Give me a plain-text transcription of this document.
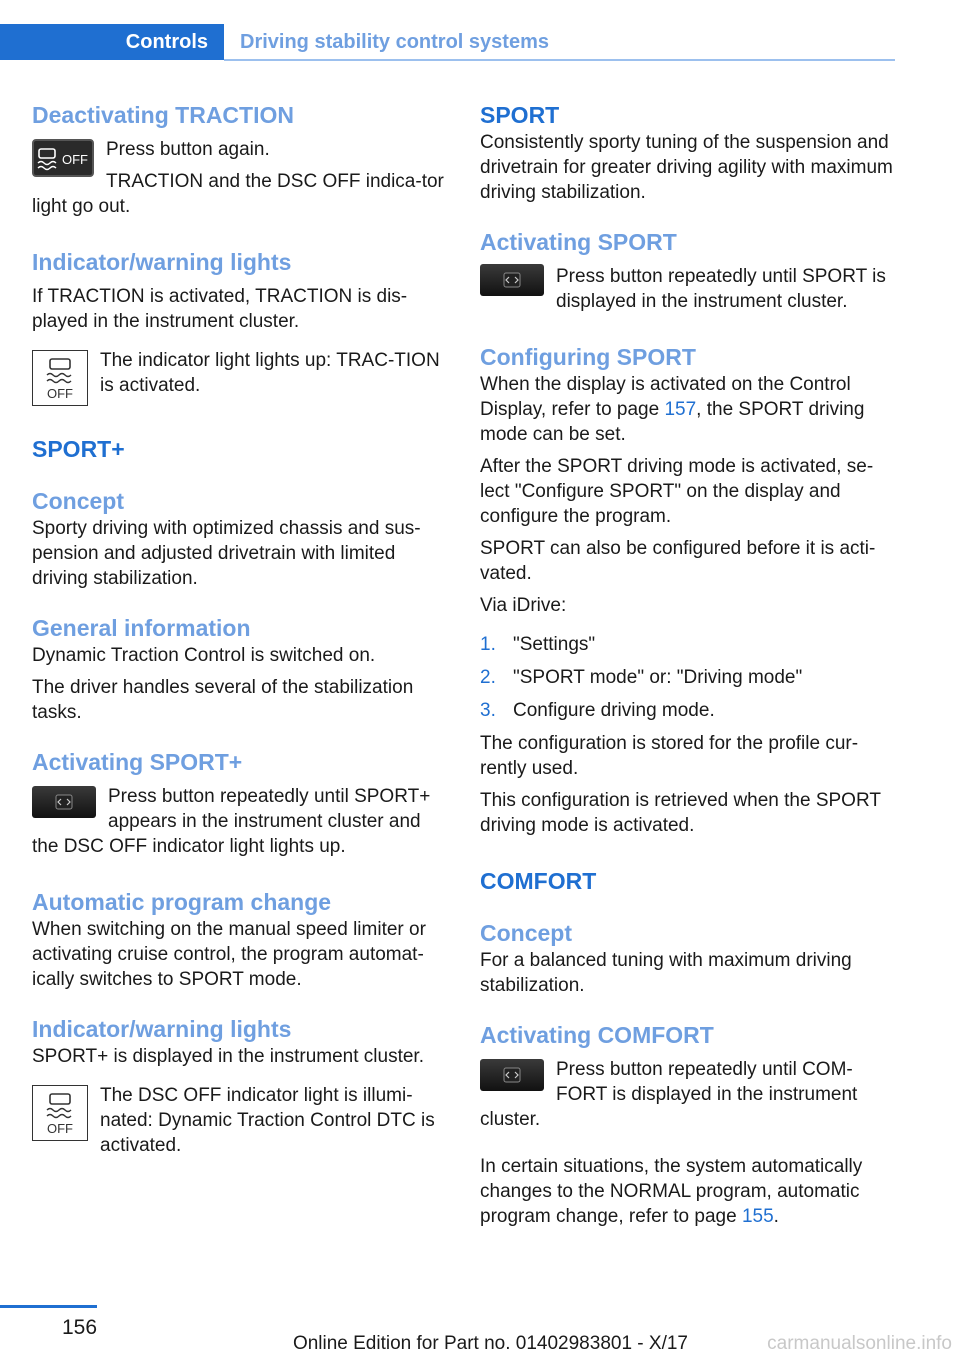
Controls	Driving stability control systems
Deactivating TRACTION
OFF Press button again.

TRACTION and the DSC OFF indica-tor light go out.

Indicator/warning lights

If TRACTION is activated, TRACTION is dis-played in the instrument cluster.

OFF

The indicator light lights up: TRAC-TION is activated.

SPORT+
Concept

Sporty driving with optimized chassis and sus-pension and adjusted drivetrain with limited driving stabilization.

General information

Dynamic Traction Control is switched on.

The driver handles several of the stabilization tasks.

Activating SPORT+

Press button repeatedly until SPORT+ appears in the instrument cluster and the DSC OFF indicator light lights up.

Automatic program change

When switching on the manual speed limiter or activating cruise control, the program automat-ically switches to SPORT mode.

Indicator/warning lights

SPORT+ is displayed in the instrument cluster.

OFF

The DSC OFF indicator light is illumi-nated: Dynamic Traction Control DTC is activated.

SPORT

Consistently sporty tuning of the suspension and drivetrain for greater driving agility with maximum driving stabilization.

Activating SPORT

Press button repeatedly until SPORT is displayed in the instrument cluster.

Configuring SPORT

When the display is activated on the Control Display, refer to page 157, the SPORT driving mode can be set.

After the SPORT driving mode is activated, se-lect "Configure SPORT" on the display and configure the program.

SPORT can also be configured before it is acti-vated.

Via iDrive:

1. "Settings"
2. "SPORT mode" or: "Driving mode"
3. Configure driving mode.

The configuration is stored for the profile cur-rently used.

This configuration is retrieved when the SPORT driving mode is activated.

COMFORT
Concept

For a balanced tuning with maximum driving stabilization.

Activating COMFORT

Press button repeatedly until COM-FORT is displayed in the instrument cluster.

In certain situations, the system automatically changes to the NORMAL program, automatic program change, refer to page 155.

156
Online Edition for Part no. 01402983801 - X/17	carmanualsonline.info
